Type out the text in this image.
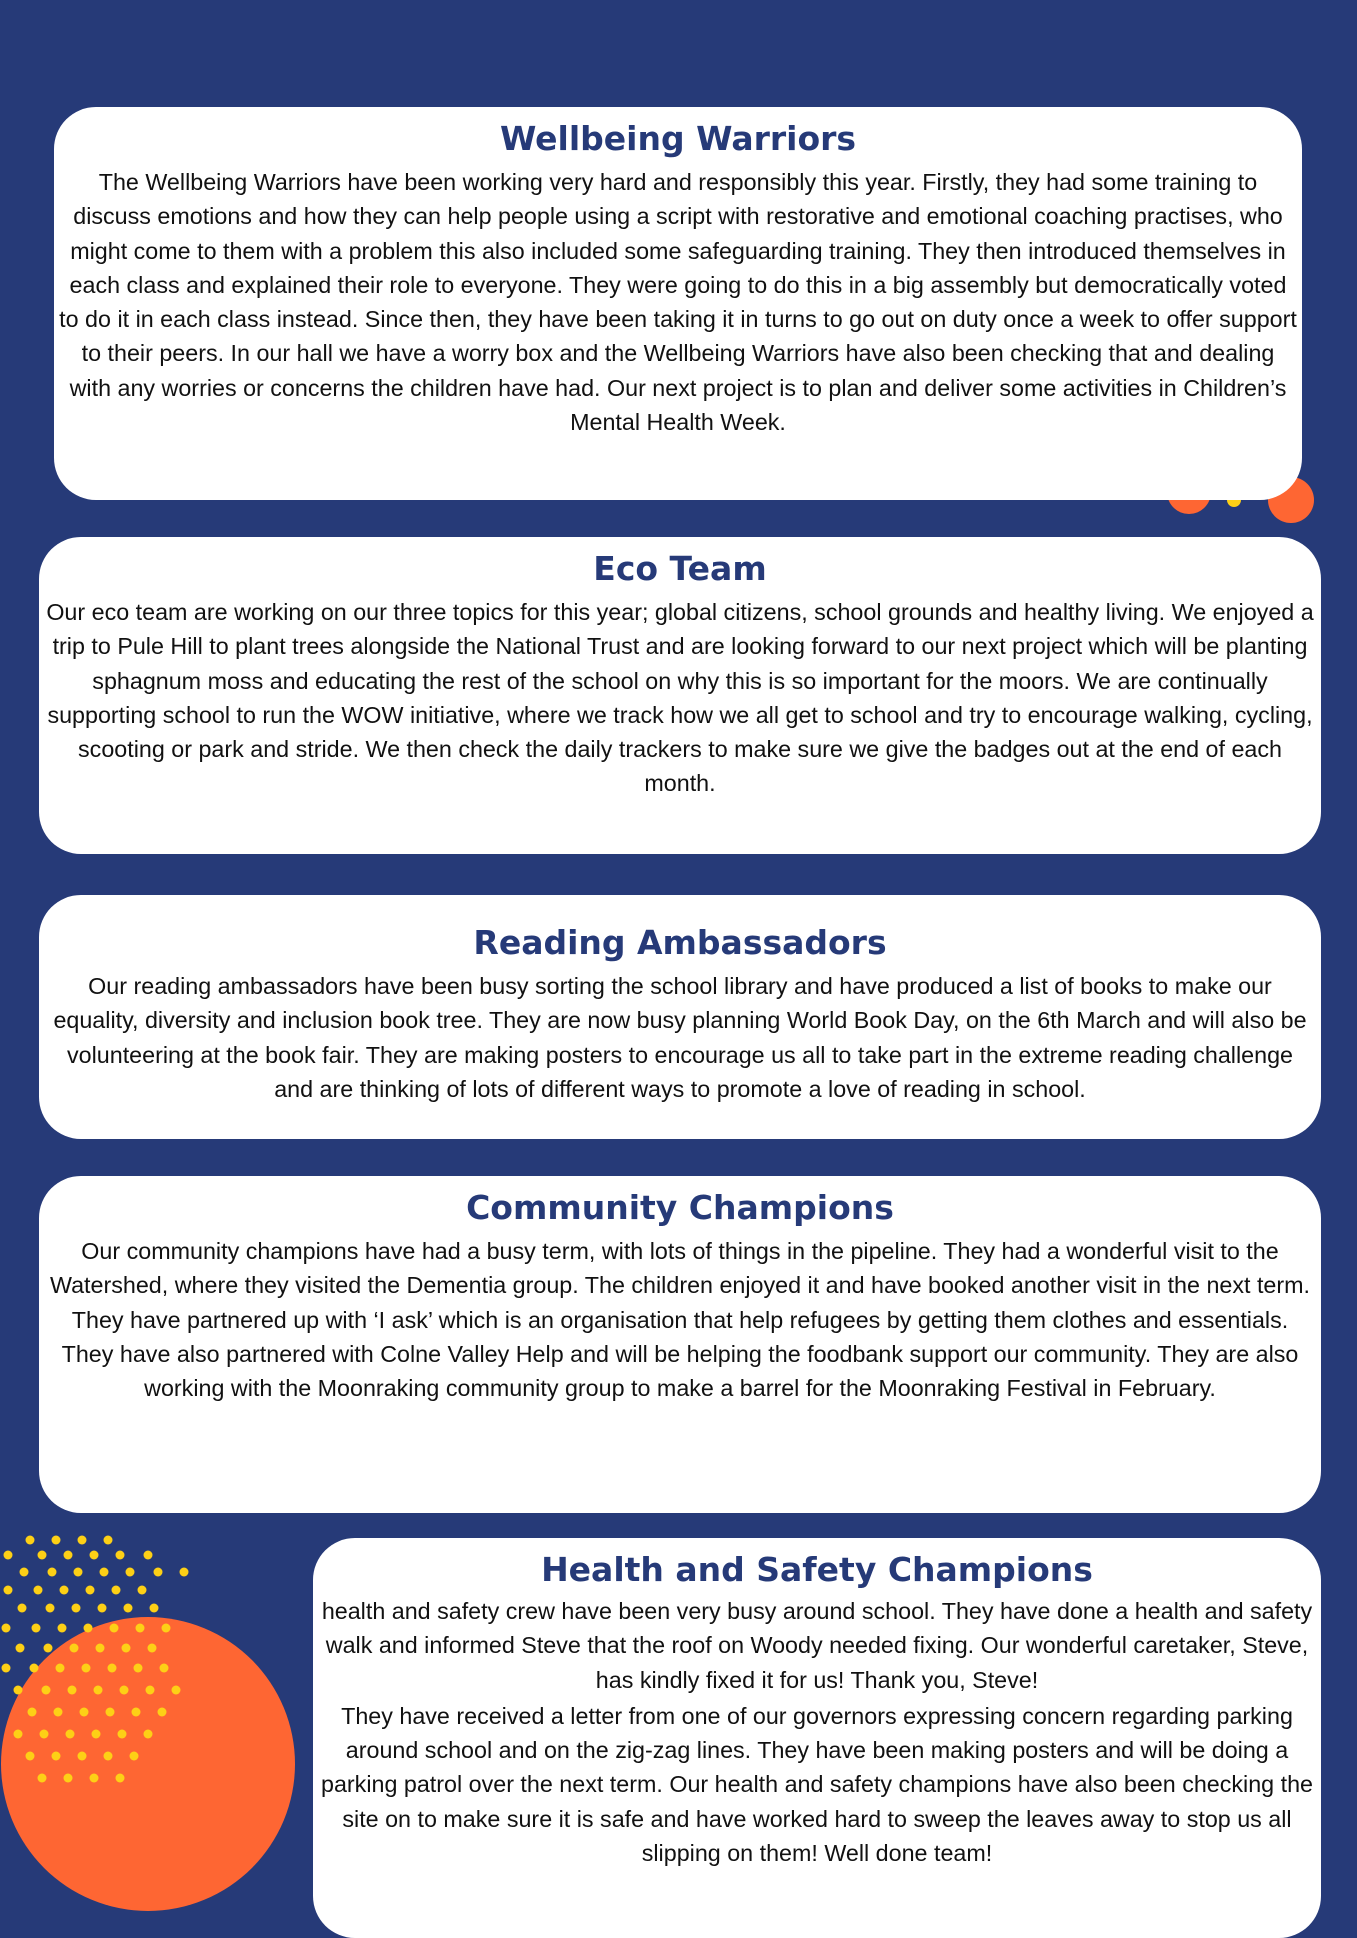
Wellbeing Warriors

The Wellbeing Warriors have been working very hard and responsibly this year. Firstly, they had some training to discuss emotions and how they can help people using a script with restorative and emotional coaching practises, who might come to them with a problem this also included some safeguarding training. They then introduced themselves in each class and explained their role to everyone. They were going to do this in a big assembly but democratically voted to do it in each class instead. Since then, they have been taking it in turns to go out on duty once a week to offer support to their peers. In our hall we have a worry box and the Wellbeing Warriors have also been checking that and dealing with any worries or concerns the children have had. Our next project is to plan and deliver some activities in Children’s Mental Health Week.

Eco Team

Our eco team are working on our three topics for this year; global citizens, school grounds and healthy living. We enjoyed a trip to Pule Hill to plant trees alongside the National Trust and are looking forward to our next project which will be planting sphagnum moss and educating the rest of the school on why this is so important for the moors. We are continually supporting school to run the WOW initiative, where we track how we all get to school and try to encourage walking, cycling, scooting or park and stride. We then check the daily trackers to make sure we give the badges out at the end of each month.

Reading Ambassadors

Our reading ambassadors have been busy sorting the school library and have produced a list of books to make our equality, diversity and inclusion book tree. They are now busy planning World Book Day, on the 6th March and will also be volunteering at the book fair. They are making posters to encourage us all to take part in the extreme reading challenge and are thinking of lots of different ways to promote a love of reading in school.

Community Champions

Our community champions have had a busy term, with lots of things in the pipeline. They had a wonderful visit to the Watershed, where they visited the Dementia group. The children enjoyed it and have booked another visit in the next term. They have partnered up with ‘I ask’ which is an organisation that help refugees by getting them clothes and essentials. They have also partnered with Colne Valley Help and will be helping the foodbank support our community. They are also working with the Moonraking community group to make a barrel for the Moonraking Festival in February.

Health and Safety Champions

health and safety crew have been very busy around school. They have done a health and safety walk and informed Steve that the roof on Woody needed fixing. Our wonderful caretaker, Steve, has kindly fixed it for us! Thank you, Steve!

They have received a letter from one of our governors expressing concern regarding parking around school and on the zig-zag lines. They have been making posters and will be doing a parking patrol over the next term. Our health and safety champions have also been checking the site on to make sure it is safe and have worked hard to sweep the leaves away to stop us all slipping on them! Well done team!
